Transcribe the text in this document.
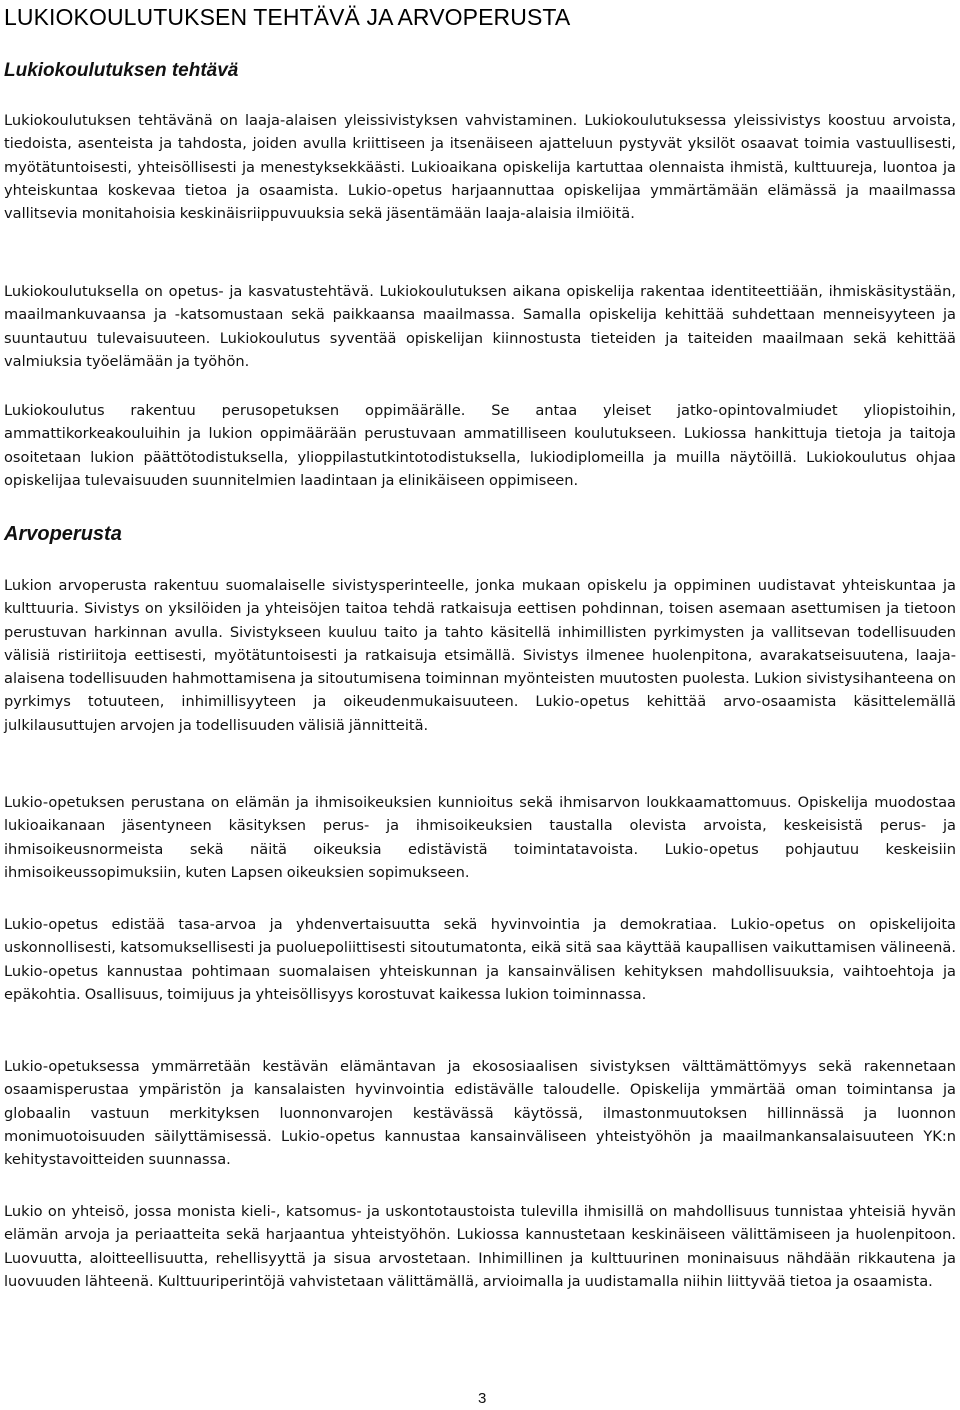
LUKIOKOULUTUKSEN TEHTÄVÄ JA ARVOPERUSTA
Lukiokoulutuksen tehtävä

Lukiokoulutuksen tehtävänä on laaja-alaisen yleissivistyksen vahvistaminen. Lukiokoulutuksessa yleissivistys koostuu arvoista, tiedoista, asenteista ja tahdosta, joiden avulla kriittiseen ja itsenäiseen ajatteluun pystyvät yksilöt osaavat toimia vastuullisesti, myötätuntoisesti, yhteisöllisesti ja menestyksekkäästi. Lukioaikana opiskelija kartuttaa olennaista ihmistä, kulttuureja, luontoa ja yhteiskuntaa koskevaa tietoa ja osaamista. Lukio-opetus harjaannuttaa opiskelijaa ymmärtämään elämässä ja maailmassa vallitsevia monitahoisia keskinäisriippuvuuksia sekä jäsentämään laaja-alaisia ilmiöitä.

Lukiokoulutuksella on opetus- ja kasvatustehtävä. Lukiokoulutuksen aikana opiskelija rakentaa identiteettiään, ihmiskäsitystään, maailmankuvaansa ja -katsomustaan sekä paikkaansa maailmassa. Samalla opiskelija kehittää suhdettaan menneisyyteen ja suuntautuu tulevaisuuteen. Lukiokoulutus syventää opiskelijan kiinnostusta tieteiden ja taiteiden maailmaan sekä kehittää valmiuksia työelämään ja työhön.

Lukiokoulutus rakentuu perusopetuksen oppimäärälle. Se antaa yleiset jatko-opintovalmiudet yliopistoihin, ammattikorkeakouluihin ja lukion oppimäärään perustuvaan ammatilliseen koulutukseen. Lukiossa hankittuja tietoja ja taitoja osoitetaan lukion päättötodistuksella, ylioppilastutkintotodistuksella, lukiodiplomeilla ja muilla näytöillä. Lukiokoulutus ohjaa opiskelijaa tulevaisuuden suunnitelmien laadintaan ja elinikäiseen oppimiseen.

Arvoperusta

Lukion arvoperusta rakentuu suomalaiselle sivistysperinteelle, jonka mukaan opiskelu ja oppiminen uudistavat yhteiskuntaa ja kulttuuria. Sivistys on yksilöiden ja yhteisöjen taitoa tehdä ratkaisuja eettisen pohdinnan, toisen asemaan asettumisen ja tietoon perustuvan harkinnan avulla. Sivistykseen kuuluu taito ja tahto käsitellä inhimillisten pyrkimysten ja vallitsevan todellisuuden välisiä ristiriitoja eettisesti, myötätuntoisesti ja ratkaisuja etsimällä. Sivistys ilmenee huolenpitona, avarakatseisuutena, laaja-alaisena todellisuuden hahmottamisena ja sitoutumisena toiminnan myönteisten muutosten puolesta. Lukion sivistysihanteena on pyrkimys totuuteen, inhimillisyyteen ja oikeudenmukaisuuteen. Lukio-opetus kehittää arvo-osaamista käsittelemällä julkilausuttujen arvojen ja todellisuuden välisiä jännitteitä.

Lukio-opetuksen perustana on elämän ja ihmisoikeuksien kunnioitus sekä ihmisarvon loukkaamattomuus. Opiskelija muodostaa lukioaikanaan jäsentyneen käsityksen perus- ja ihmisoikeuksien taustalla olevista arvoista, keskeisistä perus- ja ihmisoikeusnormeista sekä näitä oikeuksia edistävistä toimintatavoista. Lukio-opetus pohjautuu keskeisiin ihmisoikeussopimuksiin, kuten Lapsen oikeuksien sopimukseen.

Lukio-opetus edistää tasa-arvoa ja yhdenvertaisuutta sekä hyvinvointia ja demokratiaa. Lukio-opetus on opiskelijoita uskonnollisesti, katsomuksellisesti ja puoluepoliittisesti sitoutumatonta, eikä sitä saa käyttää kaupallisen vaikuttamisen välineenä. Lukio-opetus kannustaa pohtimaan suomalaisen yhteiskunnan ja kansainvälisen kehityksen mahdollisuuksia, vaihtoehtoja ja epäkohtia. Osallisuus, toimijuus ja yhteisöllisyys korostuvat kaikessa lukion toiminnassa.

Lukio-opetuksessa ymmärretään kestävän elämäntavan ja ekososiaalisen sivistyksen välttämättömyys sekä rakennetaan osaamisperustaa ympäristön ja kansalaisten hyvinvointia edistävälle taloudelle. Opiskelija ymmärtää oman toimintansa ja globaalin vastuun merkityksen luonnonvarojen kestävässä käytössä, ilmastonmuutoksen hillinnässä ja luonnon monimuotoisuuden säilyttämisessä. Lukio-opetus kannustaa kansainväliseen yhteistyöhön ja maailmankansalaisuuteen YK:n kehitystavoitteiden suunnassa.

Lukio on yhteisö, jossa monista kieli-, katsomus- ja uskontotaustoista tulevilla ihmisillä on mahdollisuus tunnistaa yhteisiä hyvän elämän arvoja ja periaatteita sekä harjaantua yhteistyöhön. Lukiossa kannustetaan keskinäiseen välittämiseen ja huolenpitoon. Luovuutta, aloitteellisuutta, rehellisyyttä ja sisua arvostetaan. Inhimillinen ja kulttuurinen moninaisuus nähdään rikkautena ja luovuuden lähteenä. Kulttuuriperintöjä vahvistetaan välittämällä, arvioimalla ja uudistamalla niihin liittyvää tietoa ja osaamista.

3
